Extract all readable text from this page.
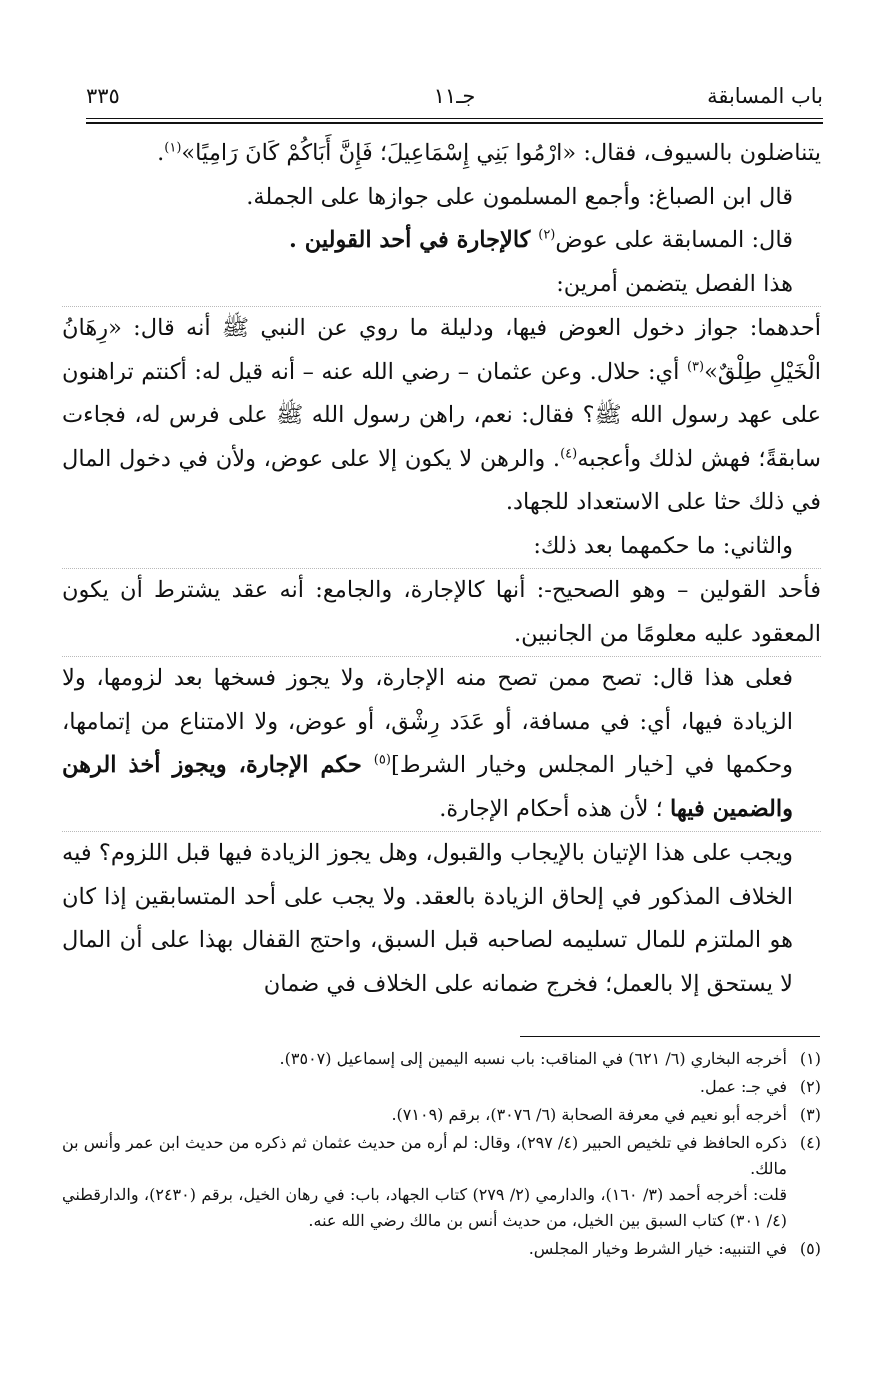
باب المسابقة
جـ١١
٣٣٥

يتناضلون بالسيوف، فقال: «ارْمُوا بَنِي إِسْمَاعِيلَ؛ فَإِنَّ أَبَاكُمْ كَانَ رَامِيًا»$^{(١)}$.

قال ابن الصباغ: وأجمع المسلمون على جوازها على الجملة.

قال: المسابقة على عوض$^{(٢)}$ كالإجارة في أحد القولين .

هذا الفصل يتضمن أمرين:

أحدهما: جواز دخول العوض فيها، ودليلة ما روي عن النبي ﷺ أنه قال: «رِهَانُ الْخَيْلِ طِلْقٌ»$^{(٣)}$ أي: حلال. وعن عثمان – رضي الله عنه – أنه قيل له: أكنتم تراهنون على عهد رسول الله ﷺ؟ فقال: نعم، راهن رسول الله ﷺ على فرس له، فجاءت سابقةً؛ فهش لذلك وأعجبه$^{(٤)}$. والرهن لا يكون إلا على عوض، ولأن في دخول المال في ذلك حثا على الاستعداد للجهاد.

والثاني: ما حكمهما بعد ذلك:

فأحد القولين – وهو الصحيح-: أنها كالإجارة، والجامع: أنه عقد يشترط أن يكون المعقود عليه معلومًا من الجانبين.

فعلى هذا قال: تصح ممن تصح منه الإجارة، ولا يجوز فسخها بعد لزومها، ولا الزيادة فيها، أي: في مسافة، أو عَدَد رِشْق، أو عوض، ولا الامتناع من إتمامها، وحكمها في [خيار المجلس وخيار الشرط]$^{(٥)}$ حكم الإجارة، ويجوز أخذ الرهن والضمين فيها ؛ لأن هذه أحكام الإجارة.

ويجب على هذا الإتيان بالإيجاب والقبول، وهل يجوز الزيادة فيها قبل اللزوم؟ فيه الخلاف المذكور في إلحاق الزيادة بالعقد. ولا يجب على أحد المتسابقين إذا كان هو الملتزم للمال تسليمه لصاحبه قبل السبق، واحتج القفال بهذا على أن المال لا يستحق إلا بالعمل؛ فخرج ضمانه على الخلاف في ضمان

(١)
أخرجه البخاري (٦/ ٦٢١) في المناقب: باب نسبه اليمين إلى إسماعيل (٣٥٠٧).
(٢)
في جـ: عمل.
(٣)
أخرجه أبو نعيم في معرفة الصحابة (٦/ ٣٠٧٦)، برقم (٧١٠٩).
(٤)
ذكره الحافظ في تلخيص الحبير (٤/ ٢٩٧)، وقال: لم أره من حديث عثمان ثم ذكره من حديث ابن عمر وأنس بن مالك.
قلت: أخرجه أحمد (٣/ ١٦٠)، والدارمي (٢/ ٢٧٩) كتاب الجهاد، باب: في رهان الخيل، برقم (٢٤٣٠)، والدارقطني (٤/ ٣٠١) كتاب السبق بين الخيل، من حديث أنس بن مالك رضي الله عنه.
(٥)
في التنبيه: خيار الشرط وخيار المجلس.
